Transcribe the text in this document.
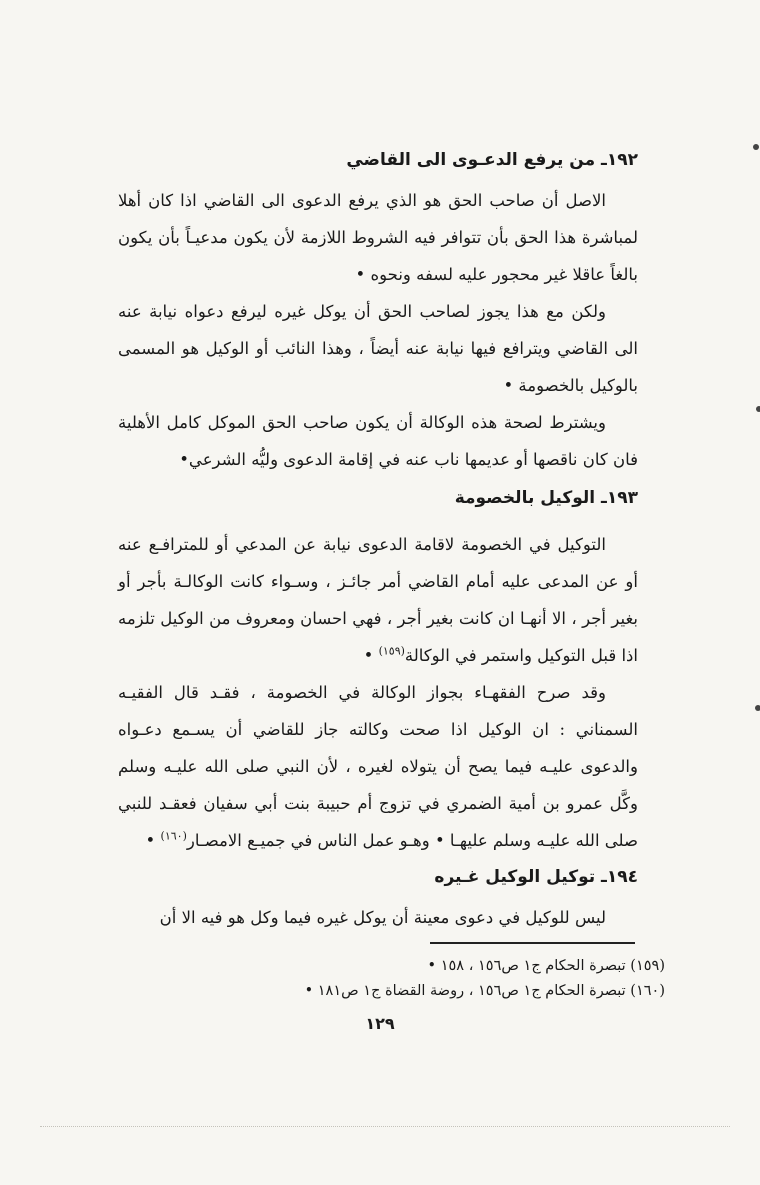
١٩٢ـ من يرفع الدعـوى الى القاضي

الاصل أن صاحب الحق هو الذي يرفع الدعوى الى القاضي اذا كان أهلا لمباشرة هذا الحق بأن تتوافر فيه الشروط اللازمة لأن يكون مدعيـاً بأن يكون بالغاً عاقلا غير محجور عليه لسفه ونحوه •

ولكن مع هذا يجوز لصاحب الحق أن يوكل غيره ليرفع دعواه نيابة عنه الى القاضي ويترافع فيها نيابة عنه أيضاً ، وهذا النائب أو الوكيل هو المسمى بالوكيل بالخصومة •

ويشترط لصحة هذه الوكالة أن يكون صاحب الحق الموكل كامل الأهلية فان كان ناقصها أو عديمها ناب عنه في إقامة الدعوى وليُّه الشرعي•

١٩٣ـ الوكيل بالخصومة

التوكيل في الخصومة لاقامة الدعوى نيابة عن المدعي أو للمترافـع عنه أو عن المدعى عليه أمام القاضي أمر جائـز ، وسـواء كانت الوكالـة بأجر أو بغير أجر ، الا أنهـا ان كانت بغير أجر ، فهي احسان ومعروف من الوكيل تلزمه اذا قبل التوكيل واستمر في الوكالة$^{(١٥٩)}$ •

وقد صرح الفقهـاء بجواز الوكالة في الخصومة ، فقـد قال الفقيـه السمناني : ان الوكيل اذا صحت وكالته جاز للقاضي أن يسـمع دعـواه والدعوى عليـه فيما يصح أن يتولاه لغيره ، لأن النبي صلى الله عليـه وسلم وكَّل عمرو بن أمية الضمري في تزوج أم حبيبة بنت أبي سفيان فعقـد للنبي صلى الله عليـه وسلم عليهـا • وهـو عمل الناس في جميـع الامصـار$^{(١٦٠)}$ •

١٩٤ـ توكيل الوكيل غـيره

ليس للوكيل في دعوى معينة أن يوكل غيره فيما وكل هو فيه الا أن

(١٥٩) تبصرة الحكام ج١ ص١٥٦ ، ١٥٨ •
(١٦٠) تبصرة الحكام ج١ ص١٥٦ ، روضة القضاة ج١ ص١٨١ •
١٢٩
